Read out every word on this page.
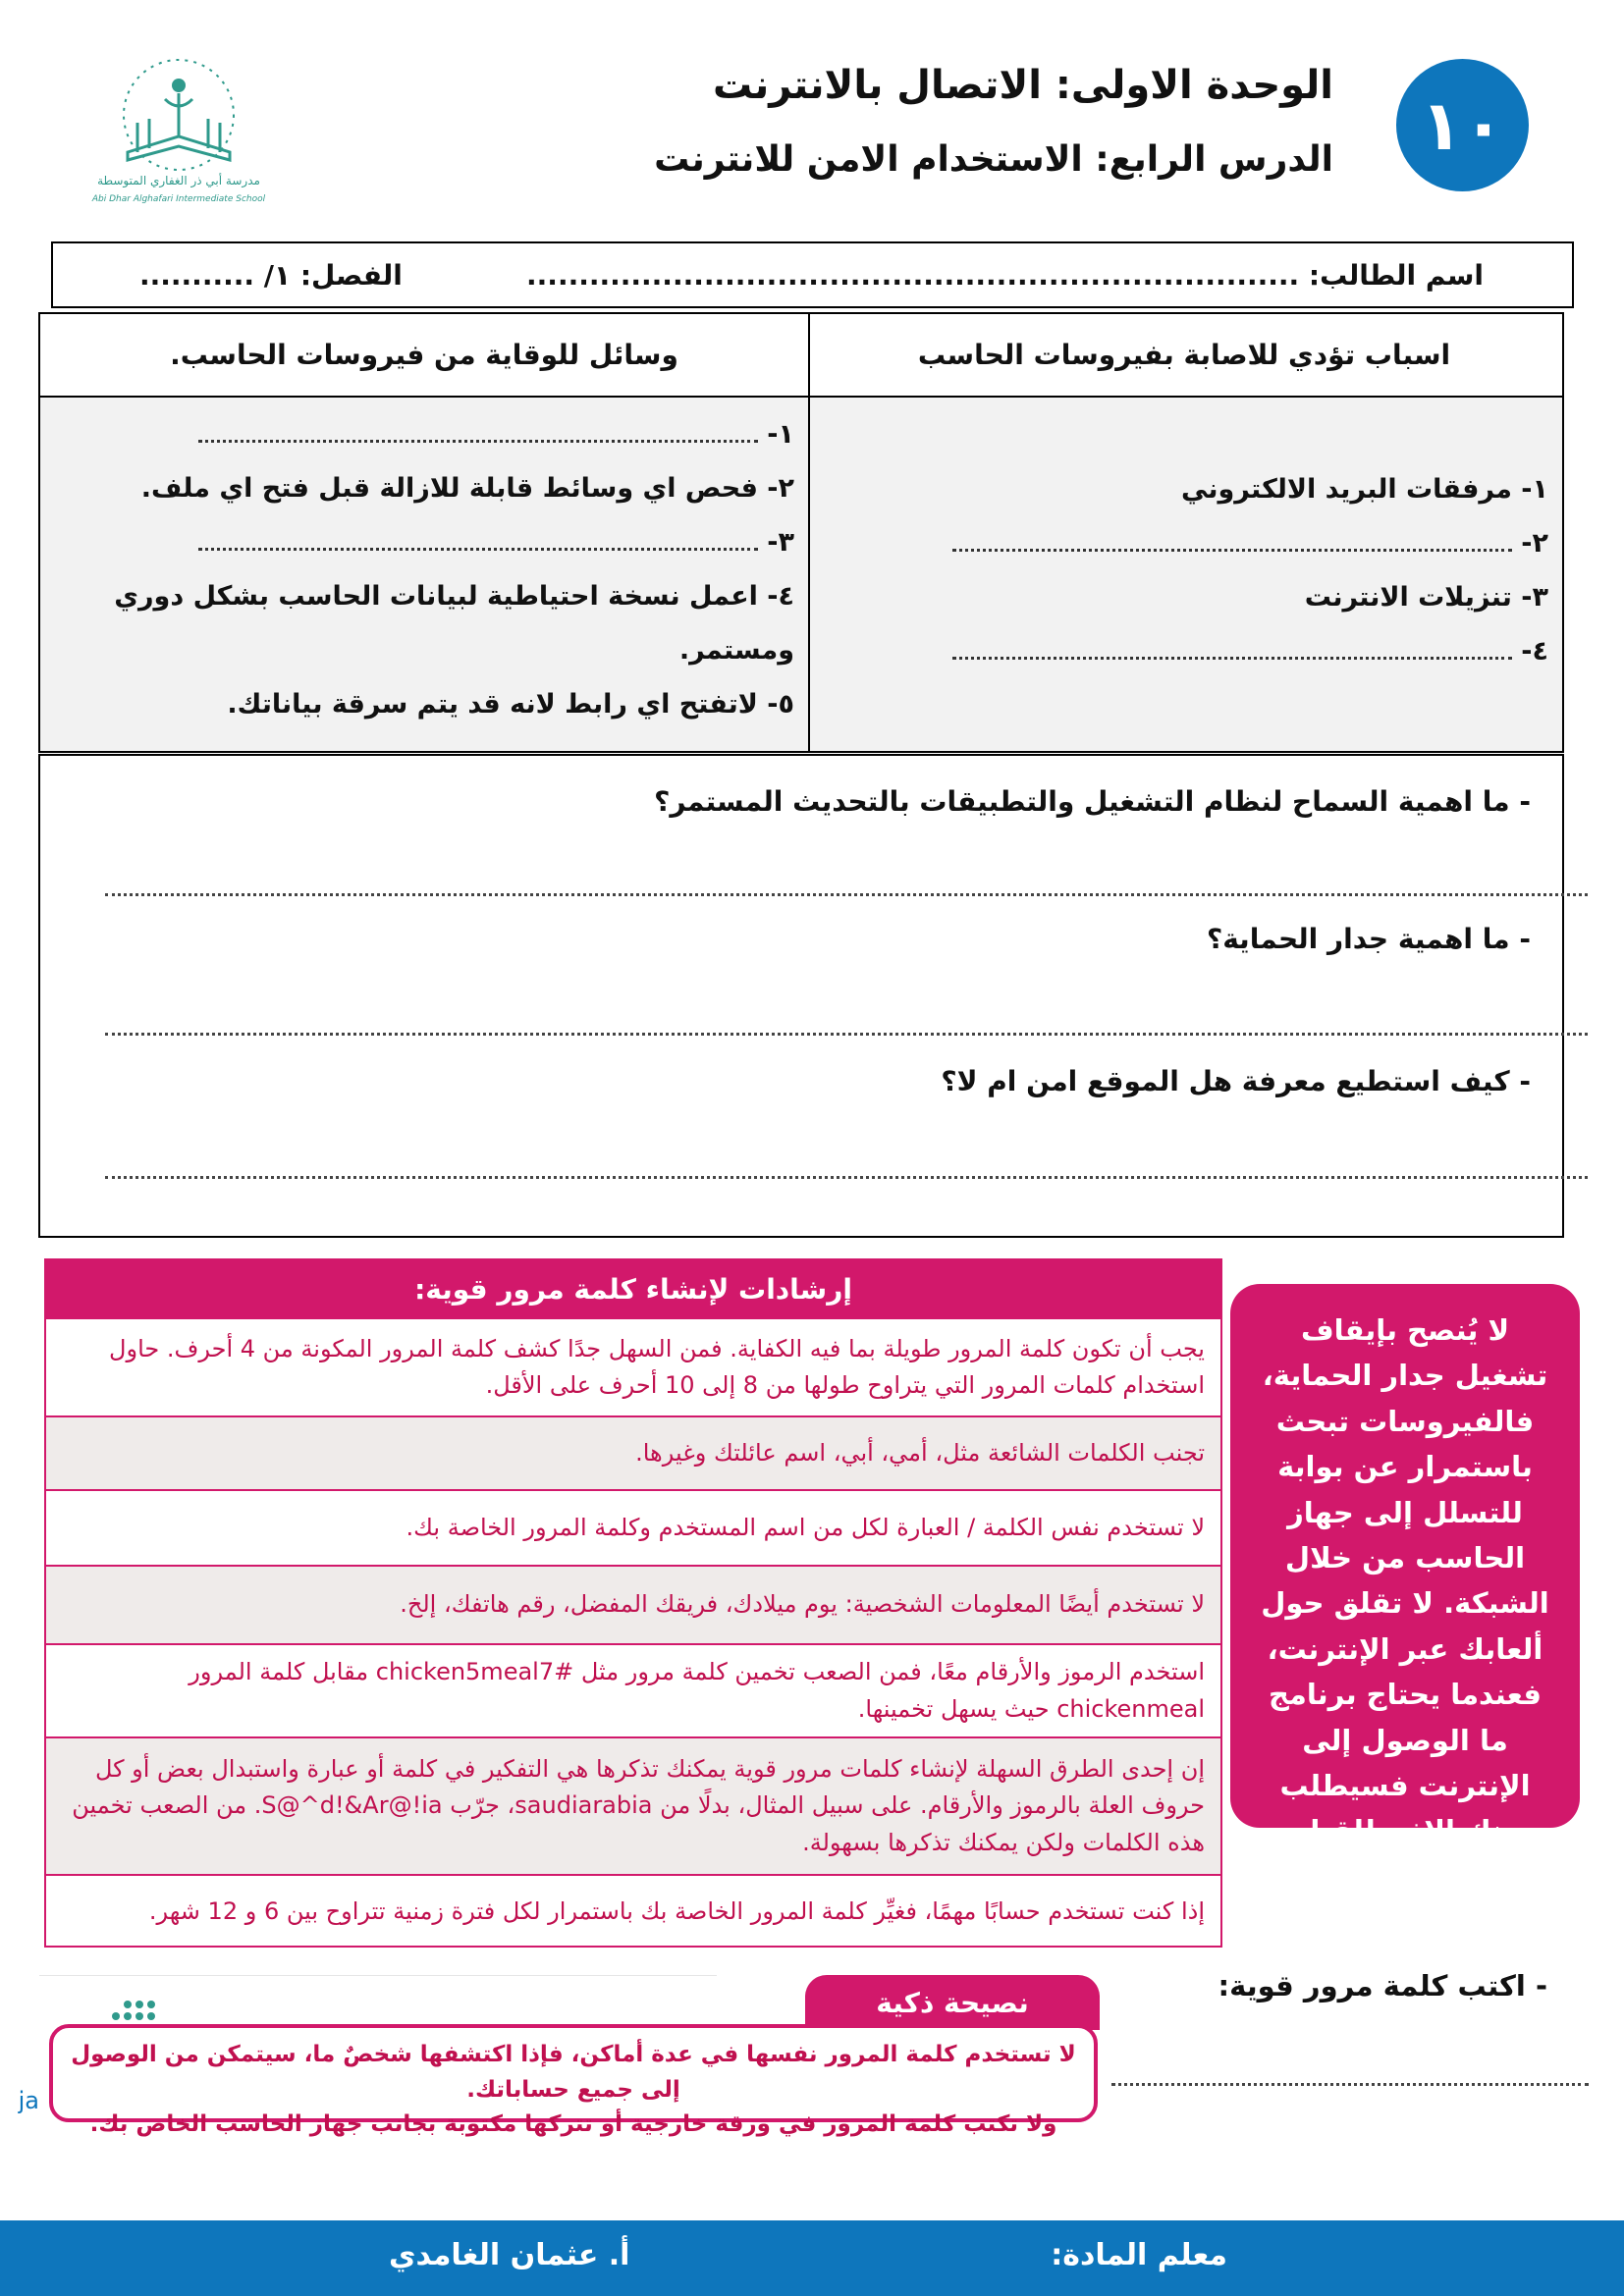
١٠
الوحدة الاولى: الاتصال بالانترنت
الدرس الرابع: الاستخدام الامن للانترنت
مدرسة أبي ذر الغفاري المتوسطة
Abi Dhar Alghafari Intermediate School
اسم الطالب: ..........................................................................
الفصل: ١/ ...........
اسباب تؤدي للاصابة بفيروسات الحاسب
وسائل للوقاية من فيروسات الحاسب.
١- مرفقات البريد الالكتروني
٢-
٣- تنزيلات الانترنت
٤-
١-
٢- فحص اي وسائط قابلة للازالة قبل فتح اي ملف.
٣-
٤- اعمل نسخة احتياطية لبيانات الحاسب بشكل دوري
ومستمر.
٥- لاتفتح اي رابط لانه قد يتم سرقة بياناتك.
- ما اهمية السماح لنظام التشغيل والتطبيقات بالتحديث المستمر؟
- ما اهمية جدار الحماية؟
- كيف استطيع معرفة هل الموقع امن ام لا؟
إرشادات لإنشاء كلمة مرور قوية:
يجب أن تكون كلمة المرور طويلة بما فيه الكفاية. فمن السهل جدًا كشف كلمة المرور المكونة من 4 أحرف. حاول استخدام كلمات المرور التي يتراوح طولها من 8 إلى 10 أحرف على الأقل.
تجنب الكلمات الشائعة مثل، أمي، أبي، اسم عائلتك وغيرها.
لا تستخدم نفس الكلمة / العبارة لكل من اسم المستخدم وكلمة المرور الخاصة بك.
لا تستخدم أيضًا المعلومات الشخصية: يوم ميلادك، فريقك المفضل، رقم هاتفك، إلخ.
استخدم الرموز والأرقام معًا، فمن الصعب تخمين كلمة مرور مثل chicken5meal7# مقابل كلمة المرور chickenmeal حيث يسهل تخمينها.
إن إحدى الطرق السهلة لإنشاء كلمات مرور قوية يمكنك تذكرها هي التفكير في كلمة أو عبارة واستبدال بعض أو كل حروف العلة بالرموز والأرقام. على سبيل المثال، بدلًا من saudiarabia، جرّب S@^d!&Ar@!ia. من الصعب تخمين هذه الكلمات ولكن يمكنك تذكرها بسهولة.
إذا كنت تستخدم حسابًا مهمًا، فغيِّر كلمة المرور الخاصة بك باستمرار لكل فترة زمنية تتراوح بين 6 و 12 شهر.
لا يُنصح بإيقاف تشغيل جدار الحماية، فالفيروسات تبحث باستمرار عن بوابة للتسلل إلى جهاز الحاسب من خلال الشبكة. لا تقلق حول ألعابك عبر الإنترنت، فعندما يحتاج برنامج ما الوصول إلى الإنترنت فسيطلب منك الإذن للقيام بذلك، وسيمنحه إياه جدار الحماية.
- اكتب كلمة مرور قوية:
ja
نصيحة ذكية
لا تستخدم كلمة المرور نفسها في عدة أماكن، فإذا اكتشفها شخصٌ ما، سيتمكن من الوصول إلى جميع حساباتك.
ولا تكتب كلمة المرور في ورقة خارجية أو تتركها مكتوبة بجانب جهاز الحاسب الخاص بك.
معلم المادة:
أ. عثمان الغامدي
